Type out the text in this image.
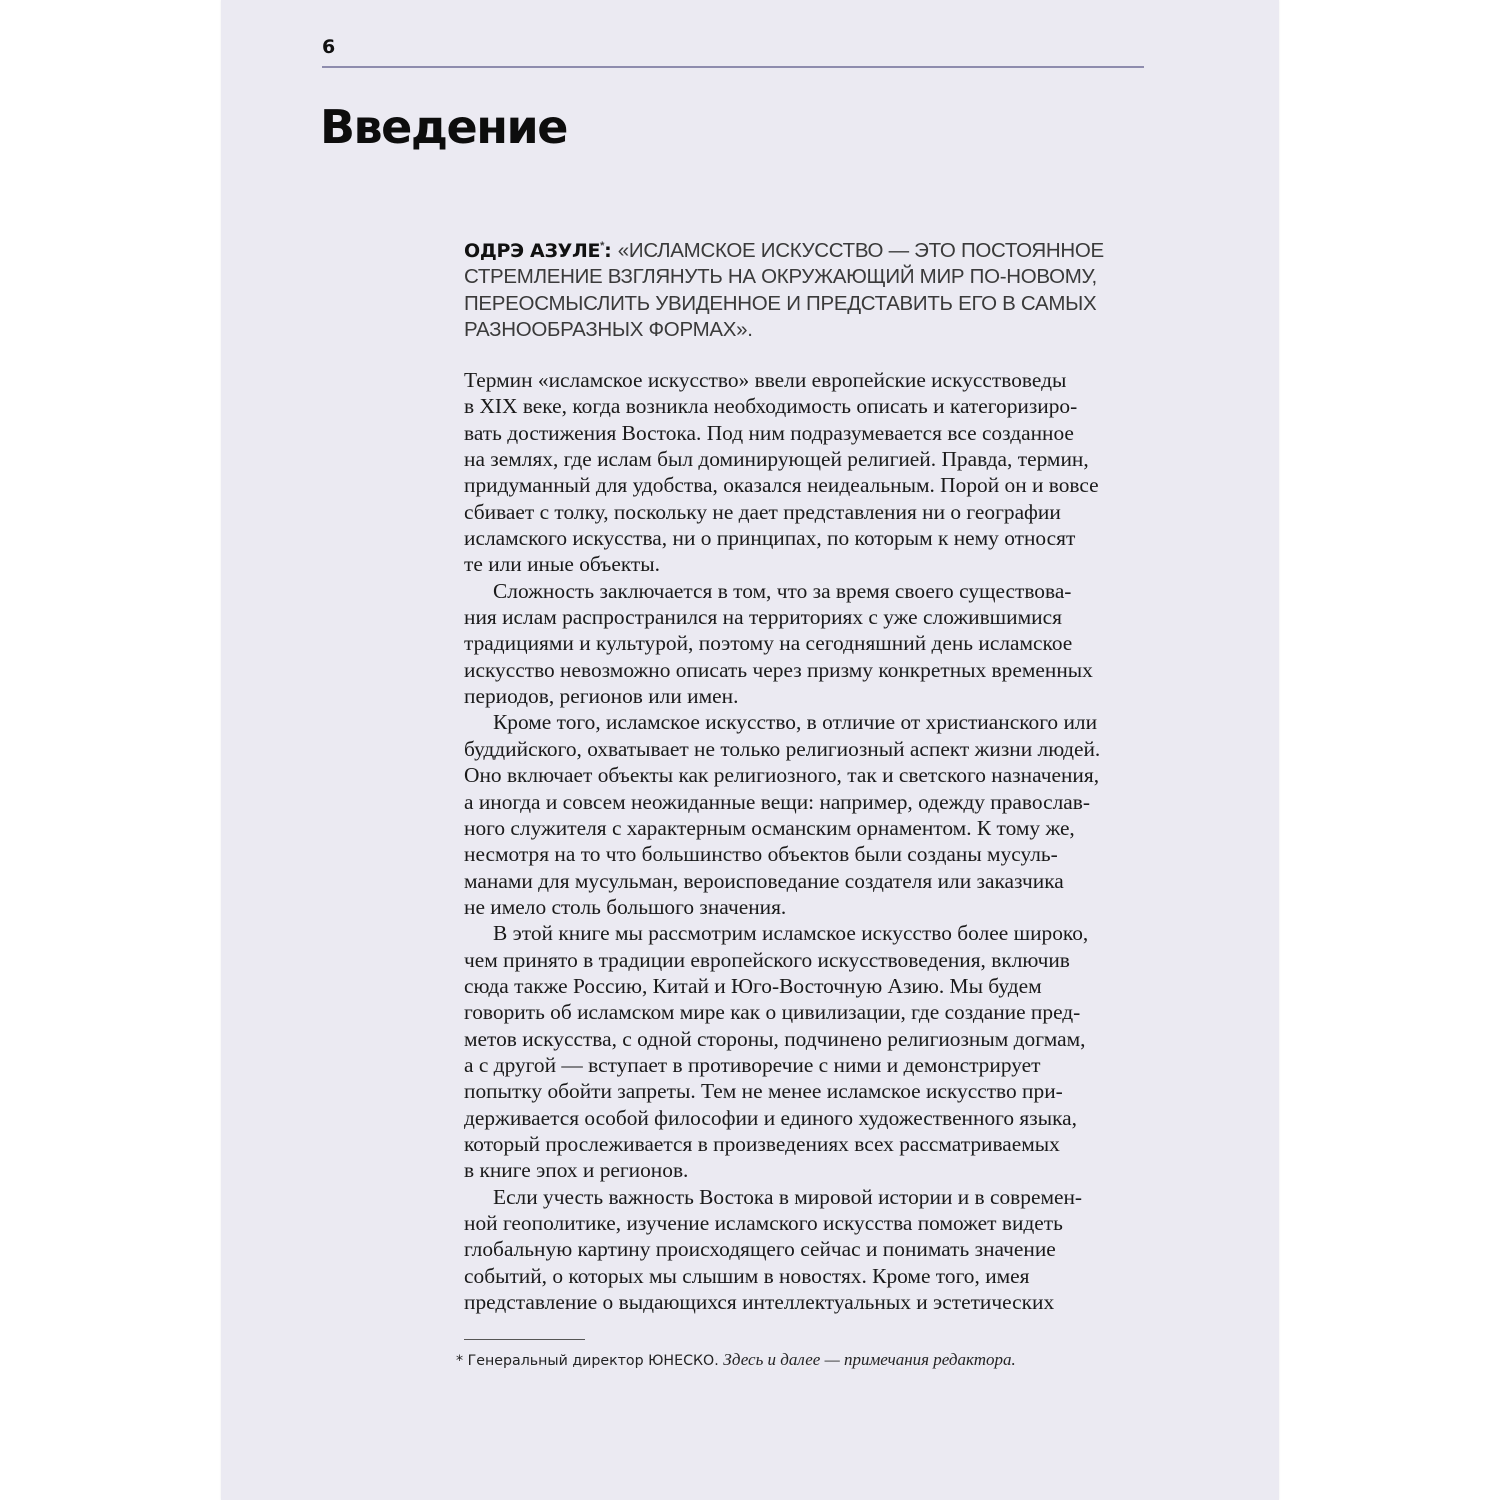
6
Введение

ОДРЭ АЗУЛЕ*: «ИСЛАМСКОЕ ИСКУССТВО — ЭТО ПОСТОЯННОЕ
СТРЕМЛЕНИЕ ВЗГЛЯНУТЬ НА ОКРУЖАЮЩИЙ МИР ПО-НОВОМУ,
ПЕРЕОСМЫСЛИТЬ УВИДЕННОЕ И ПРЕДСТАВИТЬ ЕГО В САМЫХ
РАЗНООБРАЗНЫХ ФОРМАХ».

Термин «исламское искусство» ввели европейские искусствоведы
в XIX веке, когда возникла необходимость описать и категоризиро-
вать достижения Востока. Под ним подразумевается все созданное
на землях, где ислам был доминирующей религией. Правда, термин,
придуманный для удобства, оказался неидеальным. Порой он и вовсе
сбивает с толку, поскольку не дает представления ни о географии
исламского искусства, ни о принципах, по которым к нему относят
те или иные объекты.

Сложность заключается в том, что за время своего существова-
ния ислам распространился на территориях с уже сложившимися
традициями и культурой, поэтому на сегодняшний день исламское
искусство невозможно описать через призму конкретных временных
периодов, регионов или имен.

Кроме того, исламское искусство, в отличие от христианского или
буддийского, охватывает не только религиозный аспект жизни людей.
Оно включает объекты как религиозного, так и светского назначения,
а иногда и совсем неожиданные вещи: например, одежду православ-
ного служителя с характерным османским орнаментом. К тому же,
несмотря на то что большинство объектов были созданы мусуль-
манами для мусульман, вероисповедание создателя или заказчика
не имело столь большого значения.

В этой книге мы рассмотрим исламское искусство более широко,
чем принято в традиции европейского искусствоведения, включив
сюда также Россию, Китай и Юго-Восточную Азию. Мы будем
говорить об исламском мире как о цивилизации, где создание пред-
метов искусства, с одной стороны, подчинено религиозным догмам,
а с другой — вступает в противоречие с ними и демонстрирует
попытку обойти запреты. Тем не менее исламское искусство при-
держивается особой философии и единого художественного языка,
который прослеживается в произведениях всех рассматриваемых
в книге эпох и регионов.

Если учесть важность Востока в мировой истории и в современ-
ной геополитике, изучение исламского искусства поможет видеть
глобальную картину происходящего сейчас и понимать значение
событий, о которых мы слышим в новостях. Кроме того, имея
представление о выдающихся интеллектуальных и эстетических

* Генеральный директор ЮНЕСКО. Здесь и далее — примечания редактора.
